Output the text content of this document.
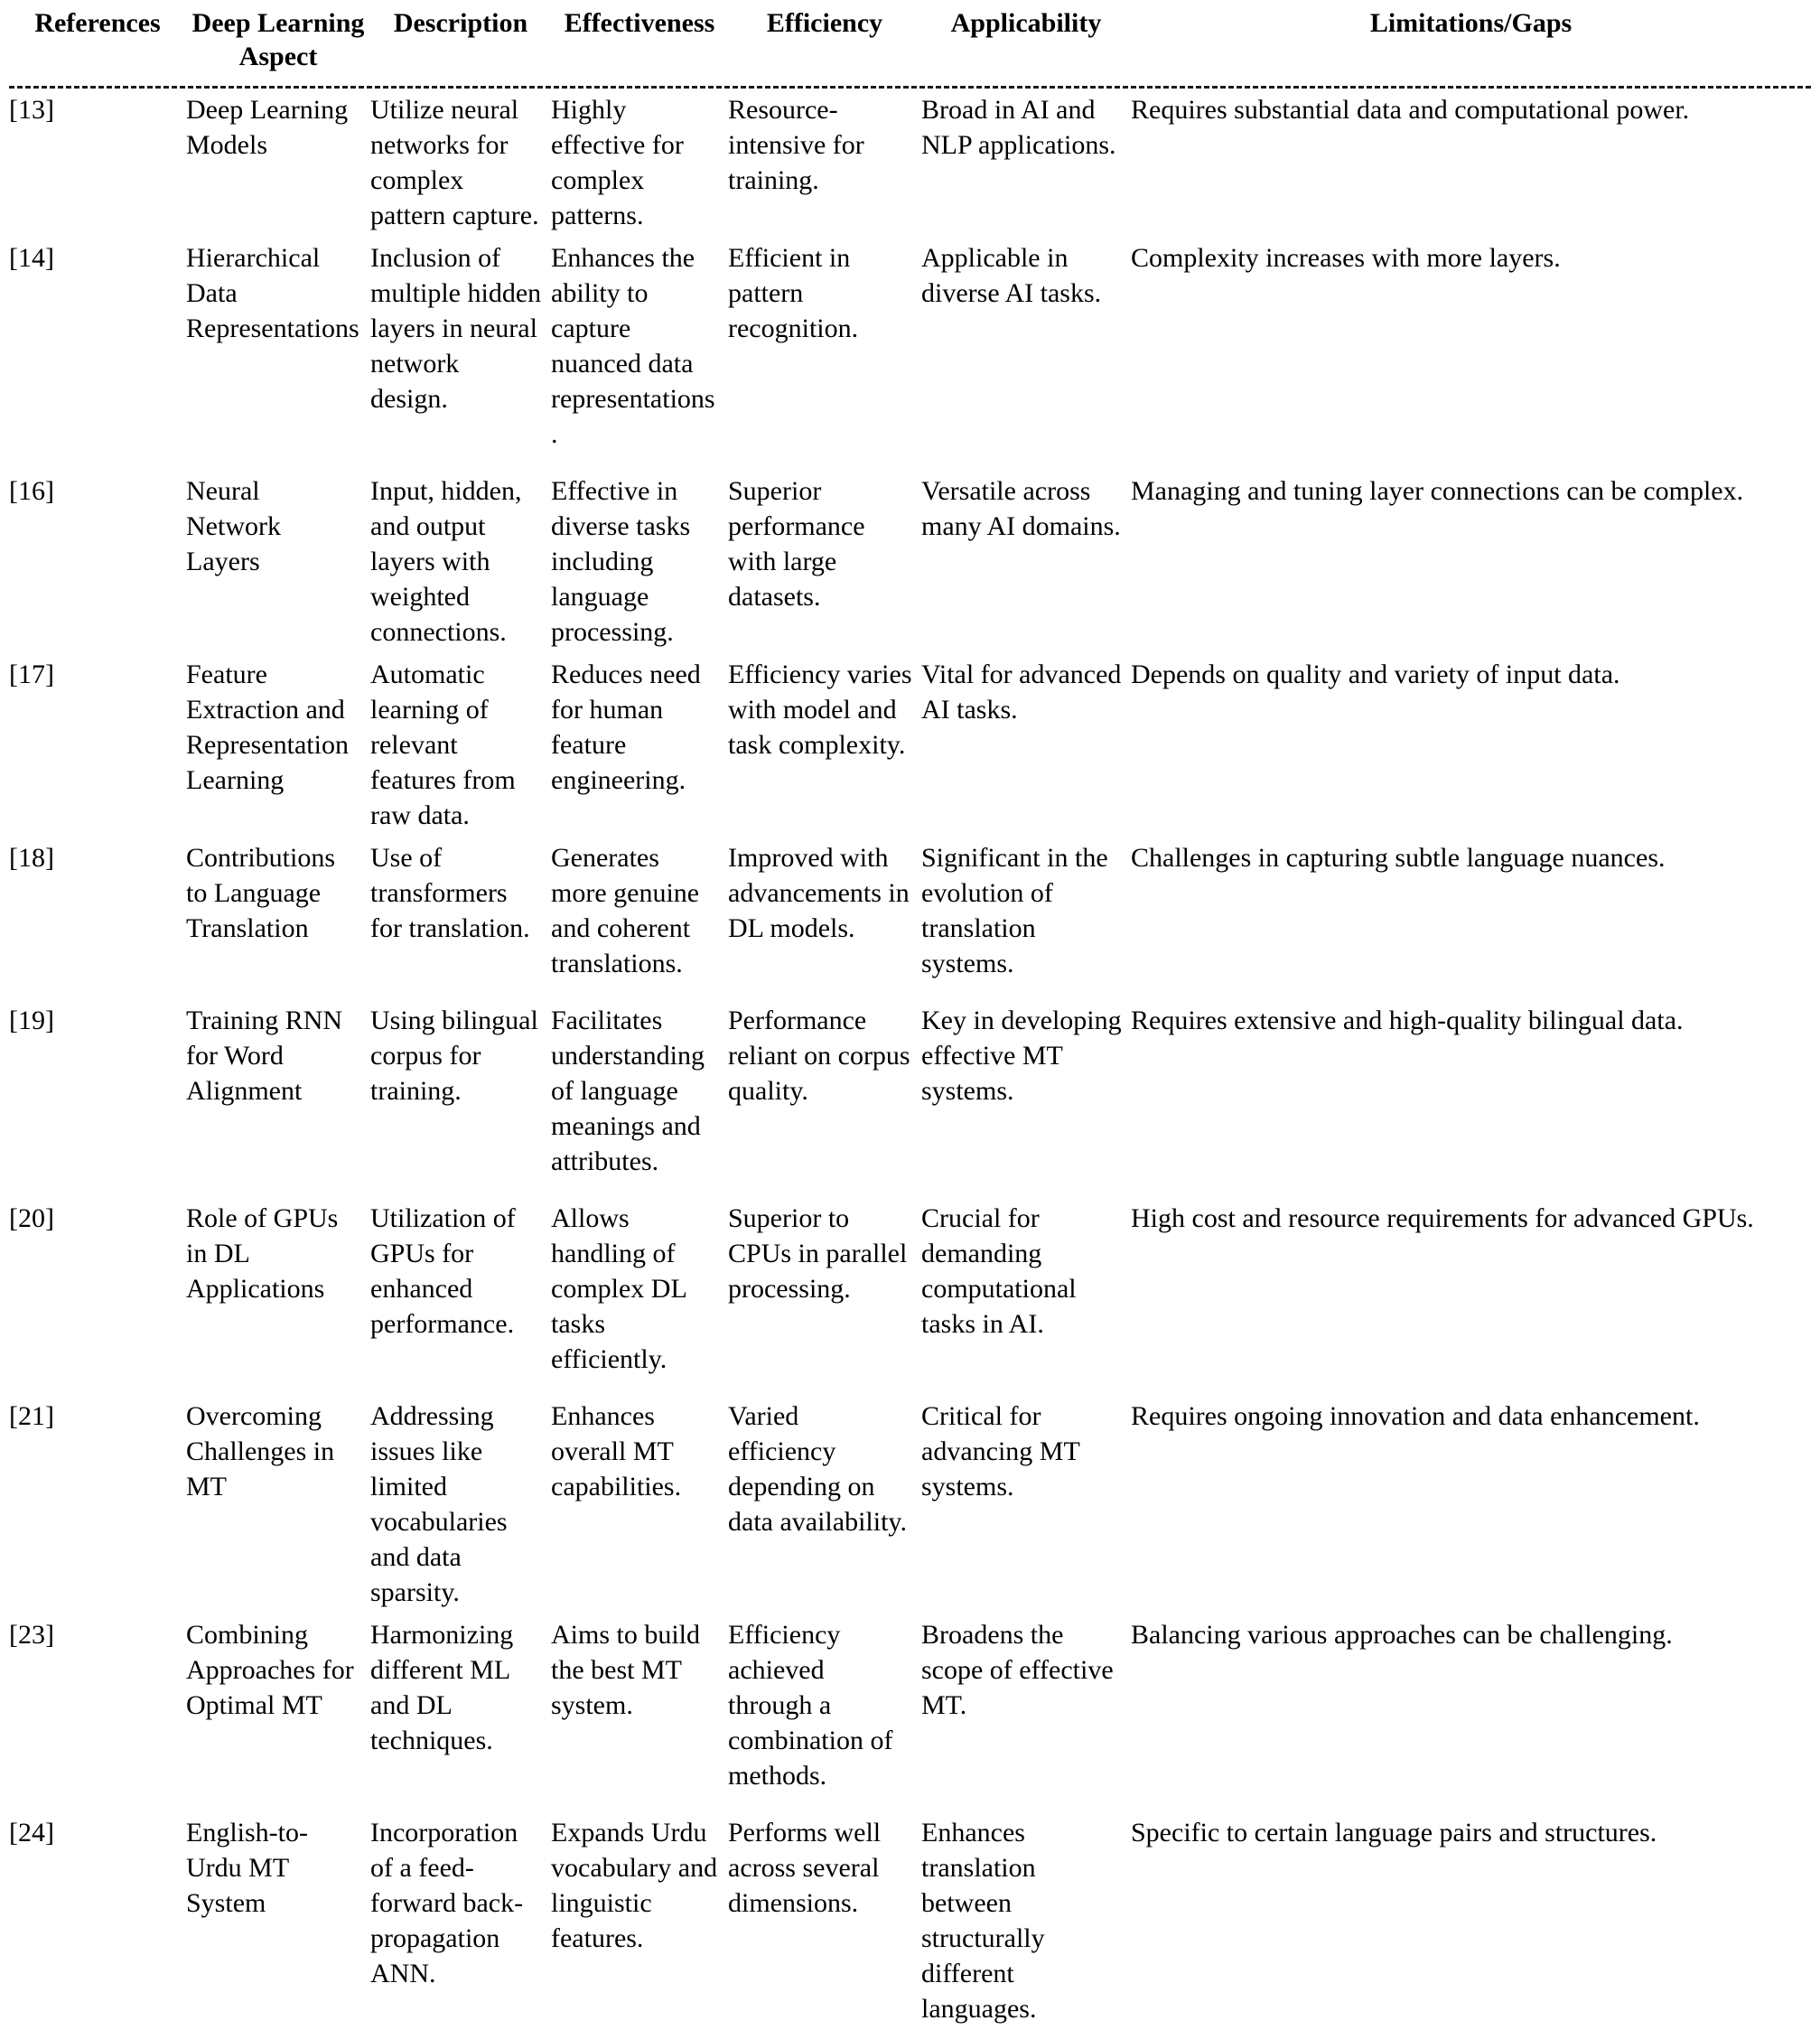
References	Deep Learning Aspect	Description	Effectiveness	Efficiency	Applicability	Limitations/Gaps

[13]	Deep Learning Models	Utilize neural networks for complex pattern capture.	Highly effective for complex patterns.	Resource-intensive for training.	Broad in AI and NLP applications.	Requires substantial data and computational power.
[14]	Hierarchical Data Representations	Inclusion of multiple hidden layers in neural network design.	Enhances the ability to capture nuanced data representations.	Efficient in pattern recognition.	Applicable in diverse AI tasks.	Complexity increases with more layers.
[16]	Neural Network Layers	Input, hidden, and output layers with weighted connections.	Effective in diverse tasks including language processing.	Superior performance with large datasets.	Versatile across many AI domains.	Managing and tuning layer connections can be complex.
[17]	Feature Extraction and Representation Learning	Automatic learning of relevant features from raw data.	Reduces need for human feature engineering.	Efficiency varies with model and task complexity.	Vital for advanced AI tasks.	Depends on quality and variety of input data.
[18]	Contributions to Language Translation	Use of transformers for translation.	Generates more genuine and coherent translations.	Improved with advancements in DL models.	Significant in the evolution of translation systems.	Challenges in capturing subtle language nuances.
[19]	Training RNN for Word Alignment	Using bilingual corpus for training.	Facilitates understanding of language meanings and attributes.	Performance reliant on corpus quality.	Key in developing effective MT systems.	Requires extensive and high-quality bilingual data.
[20]	Role of GPUs in DL Applications	Utilization of GPUs for enhanced performance.	Allows handling of complex DL tasks efficiently.	Superior to CPUs in parallel processing.	Crucial for demanding computational tasks in AI.	High cost and resource requirements for advanced GPUs.
[21]	Overcoming Challenges in MT	Addressing issues like limited vocabularies and data sparsity.	Enhances overall MT capabilities.	Varied efficiency depending on data availability.	Critical for advancing MT systems.	Requires ongoing innovation and data enhancement.
[23]	Combining Approaches for Optimal MT	Harmonizing different ML and DL techniques.	Aims to build the best MT system.	Efficiency achieved through a combination of methods.	Broadens the scope of effective MT.	Balancing various approaches can be challenging.
[24]	English-to-Urdu MT System	Incorporation of a feed-forward back-propagation ANN.	Expands Urdu vocabulary and linguistic features.	Performs well across several dimensions.	Enhances translation between structurally different languages.	Specific to certain language pairs and structures.
